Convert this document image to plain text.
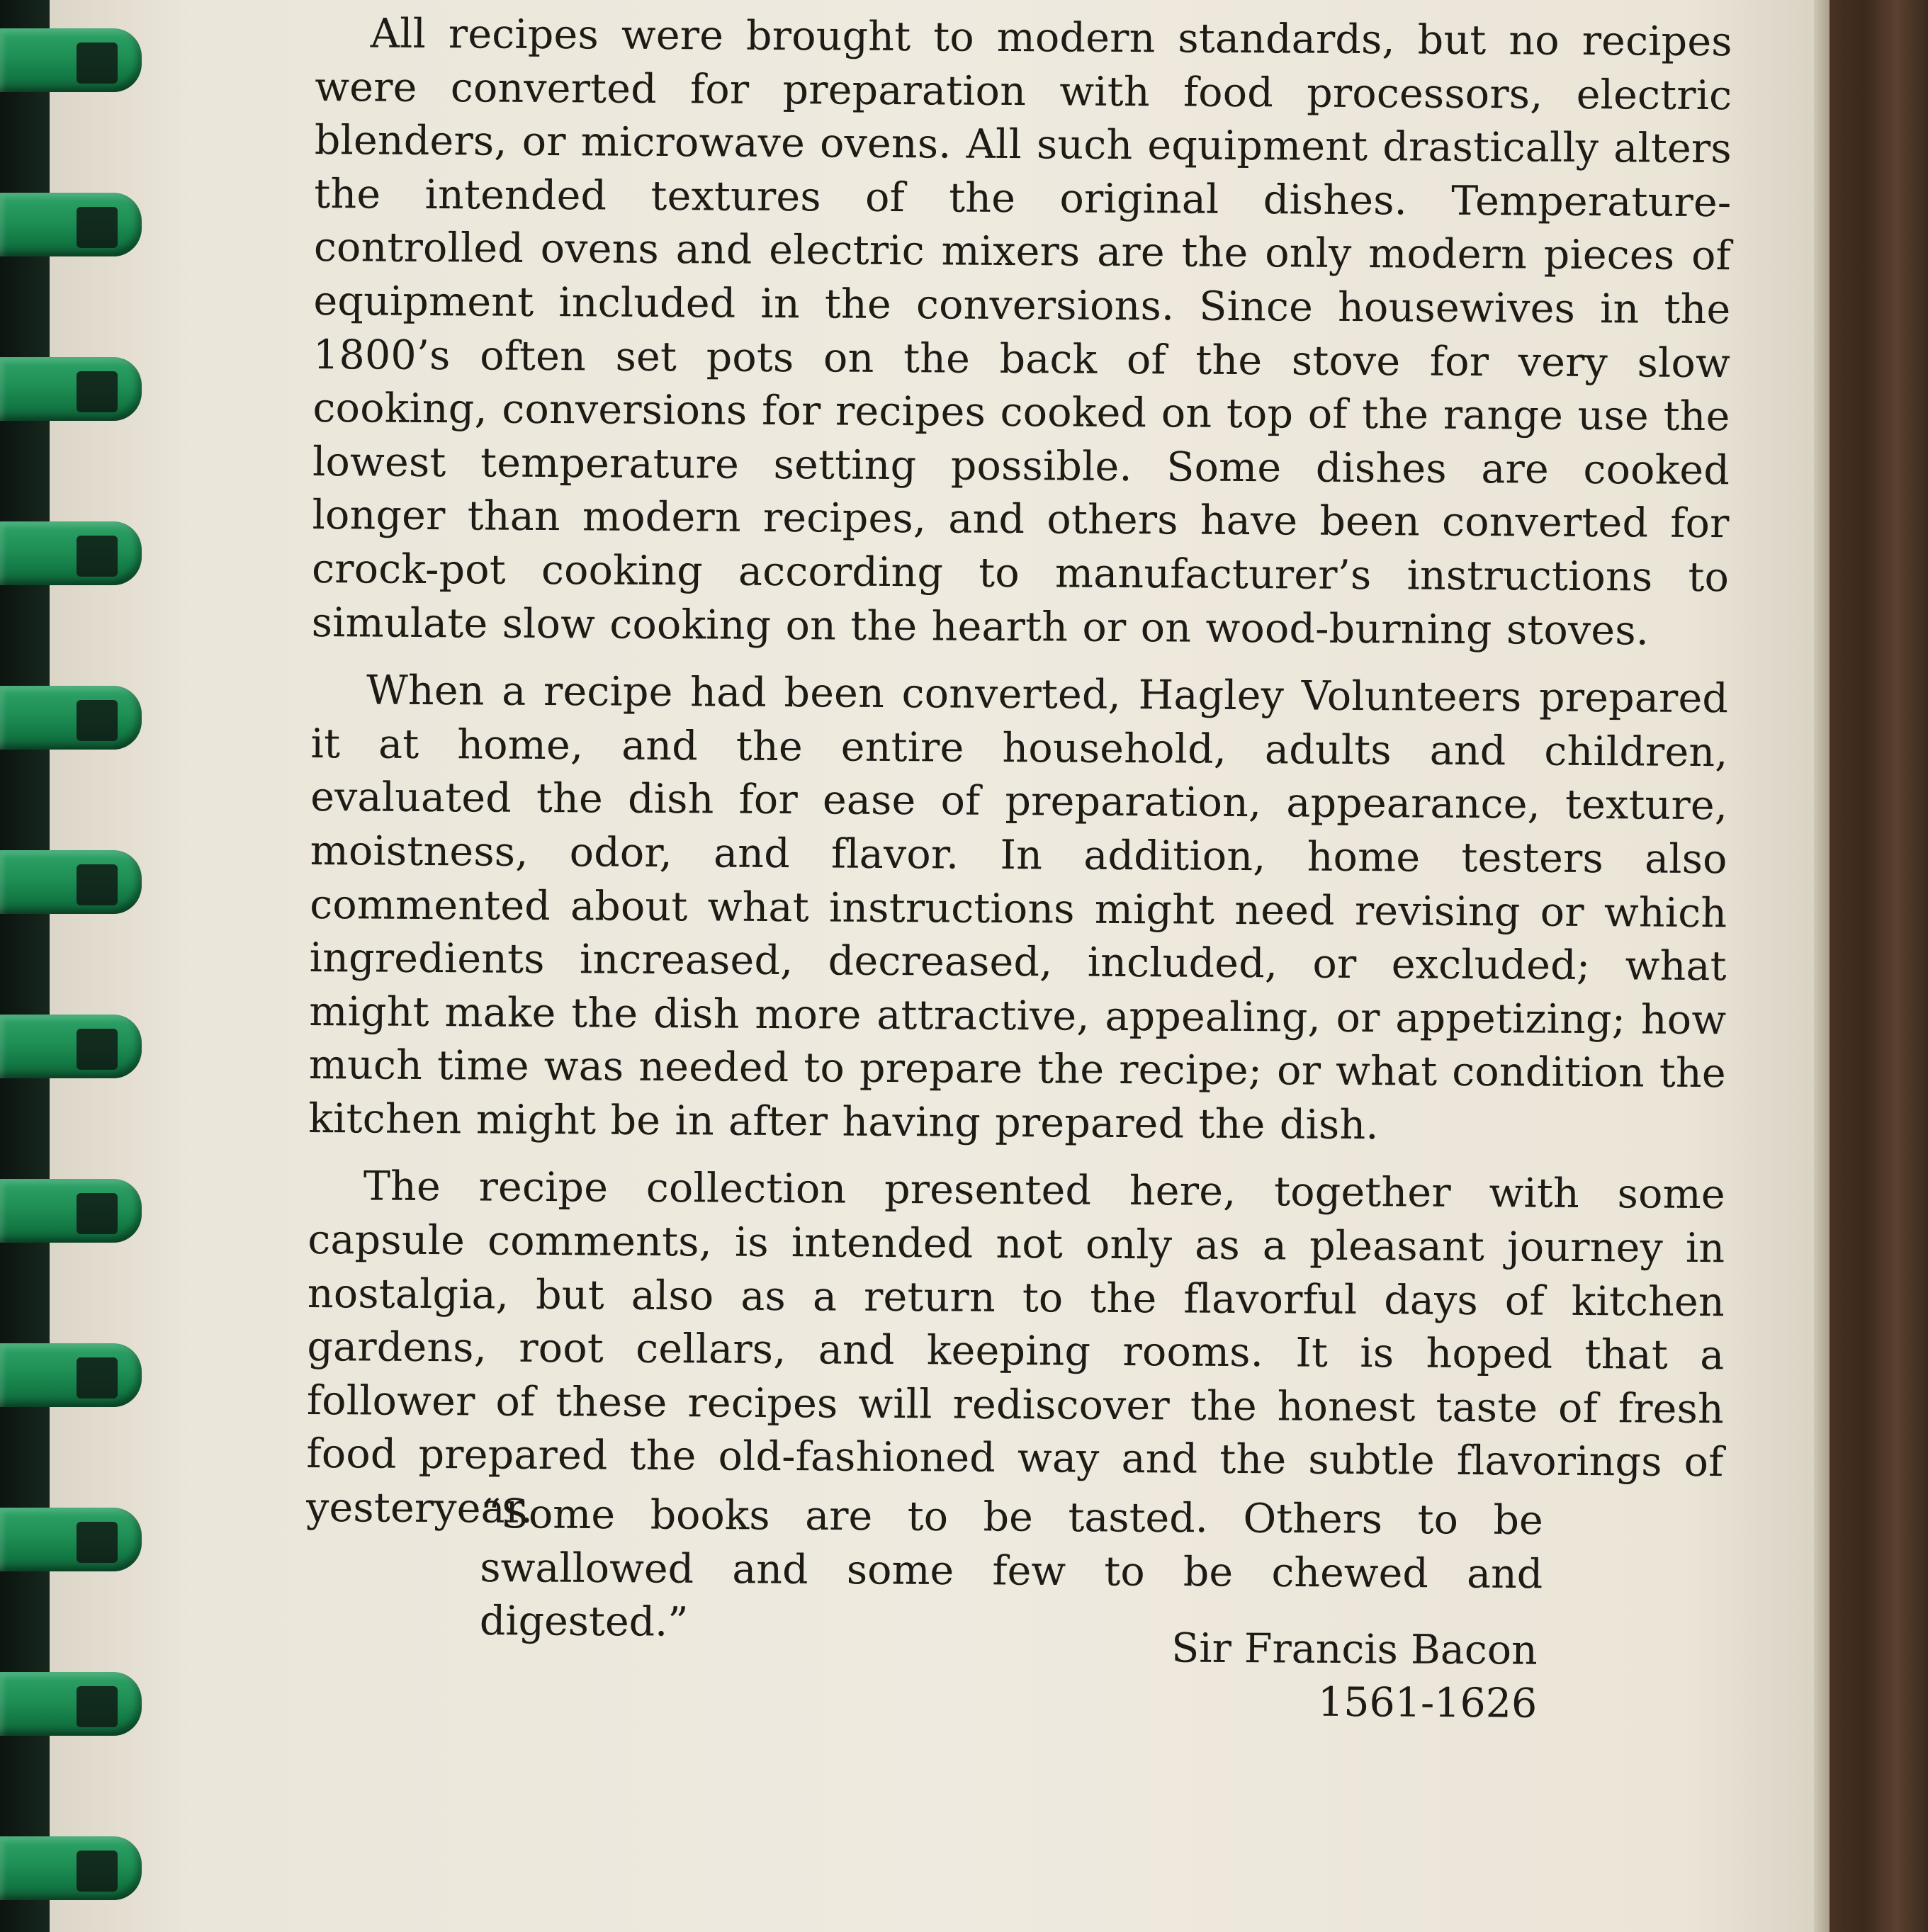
All recipes were brought to modern standards, but no recipes were converted for preparation with food processors, electric blenders, or microwave ovens. All such equipment drastically alters the intended textures of the original dishes. Temperature-controlled ovens and electric mixers are the only modern pieces of equipment included in the conversions. Since housewives in the 1800’s often set pots on the back of the stove for very slow cooking, conversions for recipes cooked on top of the range use the lowest temperature setting possible. Some dishes are cooked longer than modern recipes, and others have been converted for crock-pot cooking according to manufacturer’s instructions to simulate slow cooking on the hearth or on wood-burning stoves.

When a recipe had been converted, Hagley Volunteers prepared it at home, and the entire household, adults and children, evaluated the dish for ease of preparation, appearance, texture, moistness, odor, and flavor. In addition, home testers also commented about what instructions might need revising or which ingredients increased, decreased, included, or excluded; what might make the dish more attractive, appealing, or appetizing; how much time was needed to prepare the recipe; or what condition the kitchen might be in after having prepared the dish.

The recipe collection presented here, together with some capsule comments, is intended not only as a pleasant journey in nostalgia, but also as a return to the flavorful days of kitchen gardens, root cellars, and keeping rooms. It is hoped that a follower of these recipes will rediscover the honest taste of fresh food prepared the old-fashioned way and the subtle flavorings of yesteryear.

“Some books are to be tasted. Others to be swallowed and some few to be chewed and digested.”
Sir Francis Bacon
1561-1626
